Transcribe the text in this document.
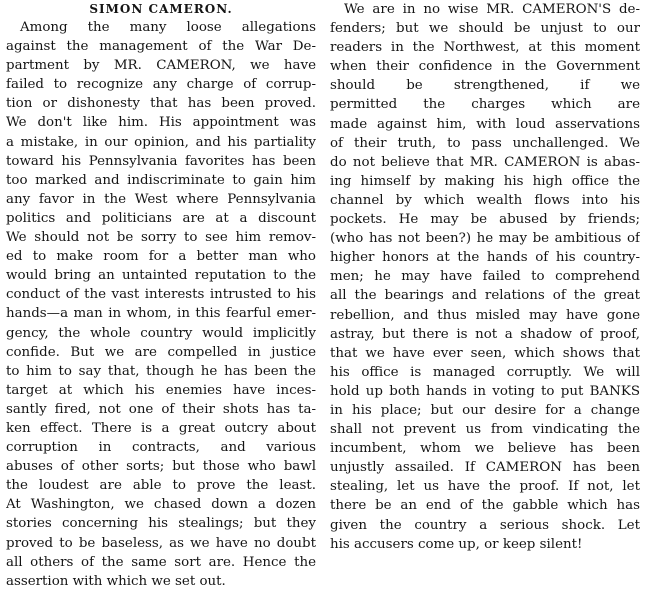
SIMON CAMERON.
Among the many loose allegations
against the management of the War De-
partment by MR. CAMERON, we have
failed to recognize any charge of corrup-
tion or dishonesty that has been proved.
We don't like him. His appointment was
a mistake, in our opinion, and his partiality
toward his Pennsylvania favorites has been
too marked and indiscriminate to gain him
any favor in the West where Pennsylvania
politics and politicians are at a discount
We should not be sorry to see him remov-
ed to make room for a better man who
would bring an untainted reputation to the
conduct of the vast interests intrusted to his
hands—a man in whom, in this fearful emer-
gency, the whole country would implicitly
confide. But we are compelled in justice
to him to say that, though he has been the
target at which his enemies have inces-
santly fired, not one of their shots has ta-
ken effect. There is a great outcry about
corruption in contracts, and various
abuses of other sorts; but those who bawl
the loudest are able to prove the least.
At Washington, we chased down a dozen
stories concerning his stealings; but they
proved to be baseless, as we have no doubt
all others of the same sort are. Hence the
assertion with which we set out.
We are in no wise MR. CAMERON'S de-
fenders; but we should be unjust to our
readers in the Northwest, at this moment
when their confidence in the Government
should be strengthened, if we
permitted the charges which are
made against him, with loud asservations
of their truth, to pass unchallenged. We
do not believe that MR. CAMERON is abas-
ing himself by making his high office the
channel by which wealth flows into his
pockets. He may be abused by friends;
(who has not been?) he may be ambitious of
higher honors at the hands of his country-
men; he may have failed to comprehend
all the bearings and relations of the great
rebellion, and thus misled may have gone
astray, but there is not a shadow of proof,
that we have ever seen, which shows that
his office is managed corruptly. We will
hold up both hands in voting to put BANKS
in his place; but our desire for a change
shall not prevent us from vindicating the
incumbent, whom we believe has been
unjustly assailed. If CAMERON has been
stealing, let us have the proof. If not, let
there be an end of the gabble which has
given the country a serious shock. Let
his accusers come up, or keep silent!
